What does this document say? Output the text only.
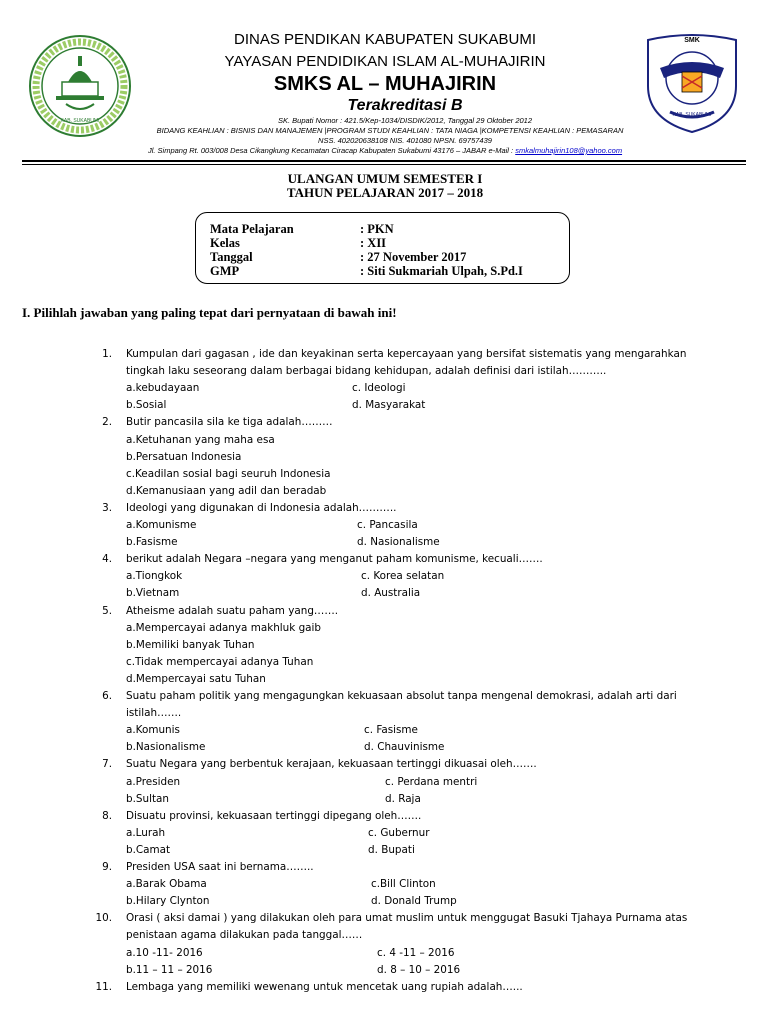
KAB. SUKABUMI
SMK
KAB. SUKABUMI
DINAS PENDIKAN KABUPATEN SUKABUMI
YAYASAN PENDIDIKAN ISLAM AL-MUHAJIRIN
SMKS AL – MUHAJIRIN
Terakreditasi B
SK. Bupati Nomor : 421.5/Kep-1034/DISDIK/2012, Tanggal 29 Oktober 2012
BIDANG KEAHLIAN : BISNIS DAN MANAJEMEN |PROGRAM STUDI KEAHLIAN : TATA NIAGA |KOMPETENSI KEAHLIAN : PEMASARAN
NSS. 402020638108 NIS. 401080 NPSN. 69757439
Jl. Simpang Rt. 003/008 Desa Cikangkung Kecamatan Ciracap Kabupaten Sukabumi 43176 – JABAR e-Mail : smkalmuhajirin108@yahoo.com
ULANGAN UMUM SEMESTER I
TAHUN PELAJARAN 2017 – 2018
Mata Pelajaran	: PKN
Kelas	: XII
Tanggal	: 27 November 2017
GMP	: Siti Sukmariah Ulpah, S.Pd.I
I. Pilihlah jawaban yang paling tepat dari pernyataan di bawah ini!
1. Kumpulan dari gagasan , ide dan keyakinan serta kepercayaan yang bersifat sistematis yang mengarahkan
tingkah laku seseorang dalam berbagai bidang kehidupan, adalah definisi dari istilah………..
a.kebudayaan	c. Ideologi
b.Sosial	d. Masyarakat
2. Butir pancasila sila ke tiga adalah………
a.Ketuhanan yang maha esa
b.Persatuan Indonesia
c.Keadilan sosial bagi seuruh Indonesia
d.Kemanusiaan yang adil dan beradab
3. Ideologi yang digunakan di Indonesia adalah………..
a.Komunisme	c. Pancasila
b.Fasisme	d. Nasionalisme
4. berikut adalah Negara –negara yang menganut paham komunisme, kecuali…….
a.Tiongkok	c. Korea selatan
b.Vietnam	d. Australia
5. Atheisme adalah suatu paham yang…….
a.Mempercayai adanya makhluk gaib
b.Memiliki banyak Tuhan
c.Tidak mempercayai adanya Tuhan
d.Mempercayai satu Tuhan
6. Suatu paham politik yang mengagungkan kekuasaan absolut tanpa mengenal demokrasi, adalah arti dari
istilah…….
a.Komunis	c. Fasisme
b.Nasionalisme	d. Chauvinisme
7. Suatu Negara yang berbentuk kerajaan, kekuasaan tertinggi dikuasai oleh…….
a.Presiden	c. Perdana mentri
b.Sultan	d. Raja
8. Disuatu provinsi, kekuasaan tertinggi dipegang oleh…….
a.Lurah	c. Gubernur
b.Camat	d. Bupati
9. Presiden USA saat ini bernama……..
a.Barak Obama	c.Bill Clinton
b.Hilary Clynton	d. Donald Trump
10. Orasi ( aksi damai ) yang dilakukan oleh para umat muslim untuk menggugat Basuki Tjahaya Purnama atas
penistaan agama dilakukan pada tanggal……
a.10 -11- 2016	c. 4 -11 – 2016
b.11 – 11 – 2016	d. 8 – 10 – 2016
11. Lembaga yang memiliki wewenang untuk mencetak uang rupiah adalah…...
